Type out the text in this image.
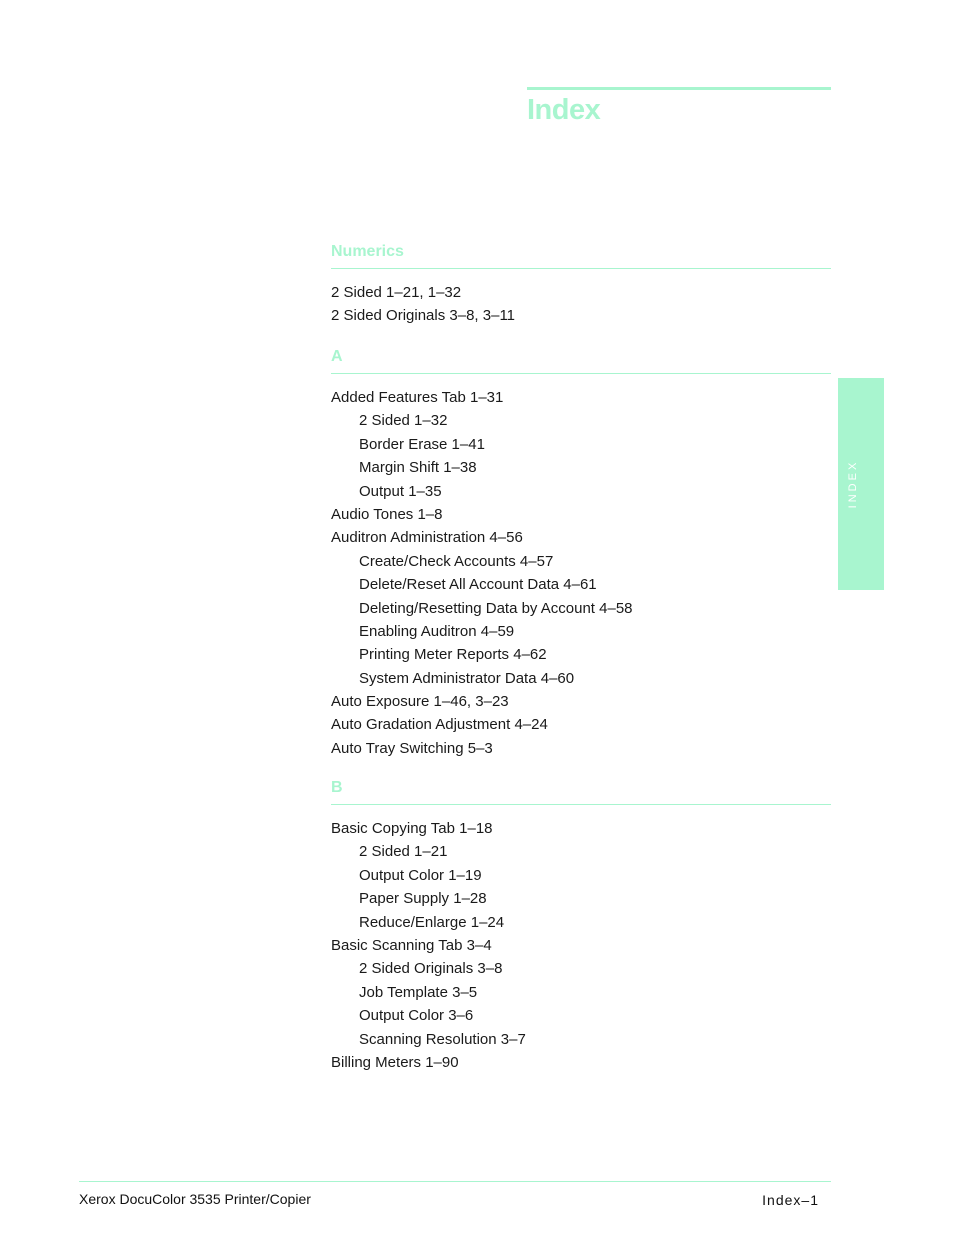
Index
INDEX
Numerics
2 Sided 1–21, 1–32
2 Sided Originals 3–8, 3–11
A
Added Features Tab 1–31
2 Sided 1–32
Border Erase 1–41
Margin Shift 1–38
Output 1–35
Audio Tones 1–8
Auditron Administration 4–56
Create/Check Accounts 4–57
Delete/Reset All Account Data 4–61
Deleting/Resetting Data by Account 4–58
Enabling Auditron 4–59
Printing Meter Reports 4–62
System Administrator Data 4–60
Auto Exposure 1–46, 3–23
Auto Gradation Adjustment 4–24
Auto Tray Switching 5–3
B
Basic Copying Tab 1–18
2 Sided 1–21
Output Color 1–19
Paper Supply 1–28
Reduce/Enlarge 1–24
Basic Scanning Tab 3–4
2 Sided Originals 3–8
Job Template 3–5
Output Color 3–6
Scanning Resolution 3–7
Billing Meters 1–90
Xerox DocuColor 3535 Printer/Copier	Index–1
